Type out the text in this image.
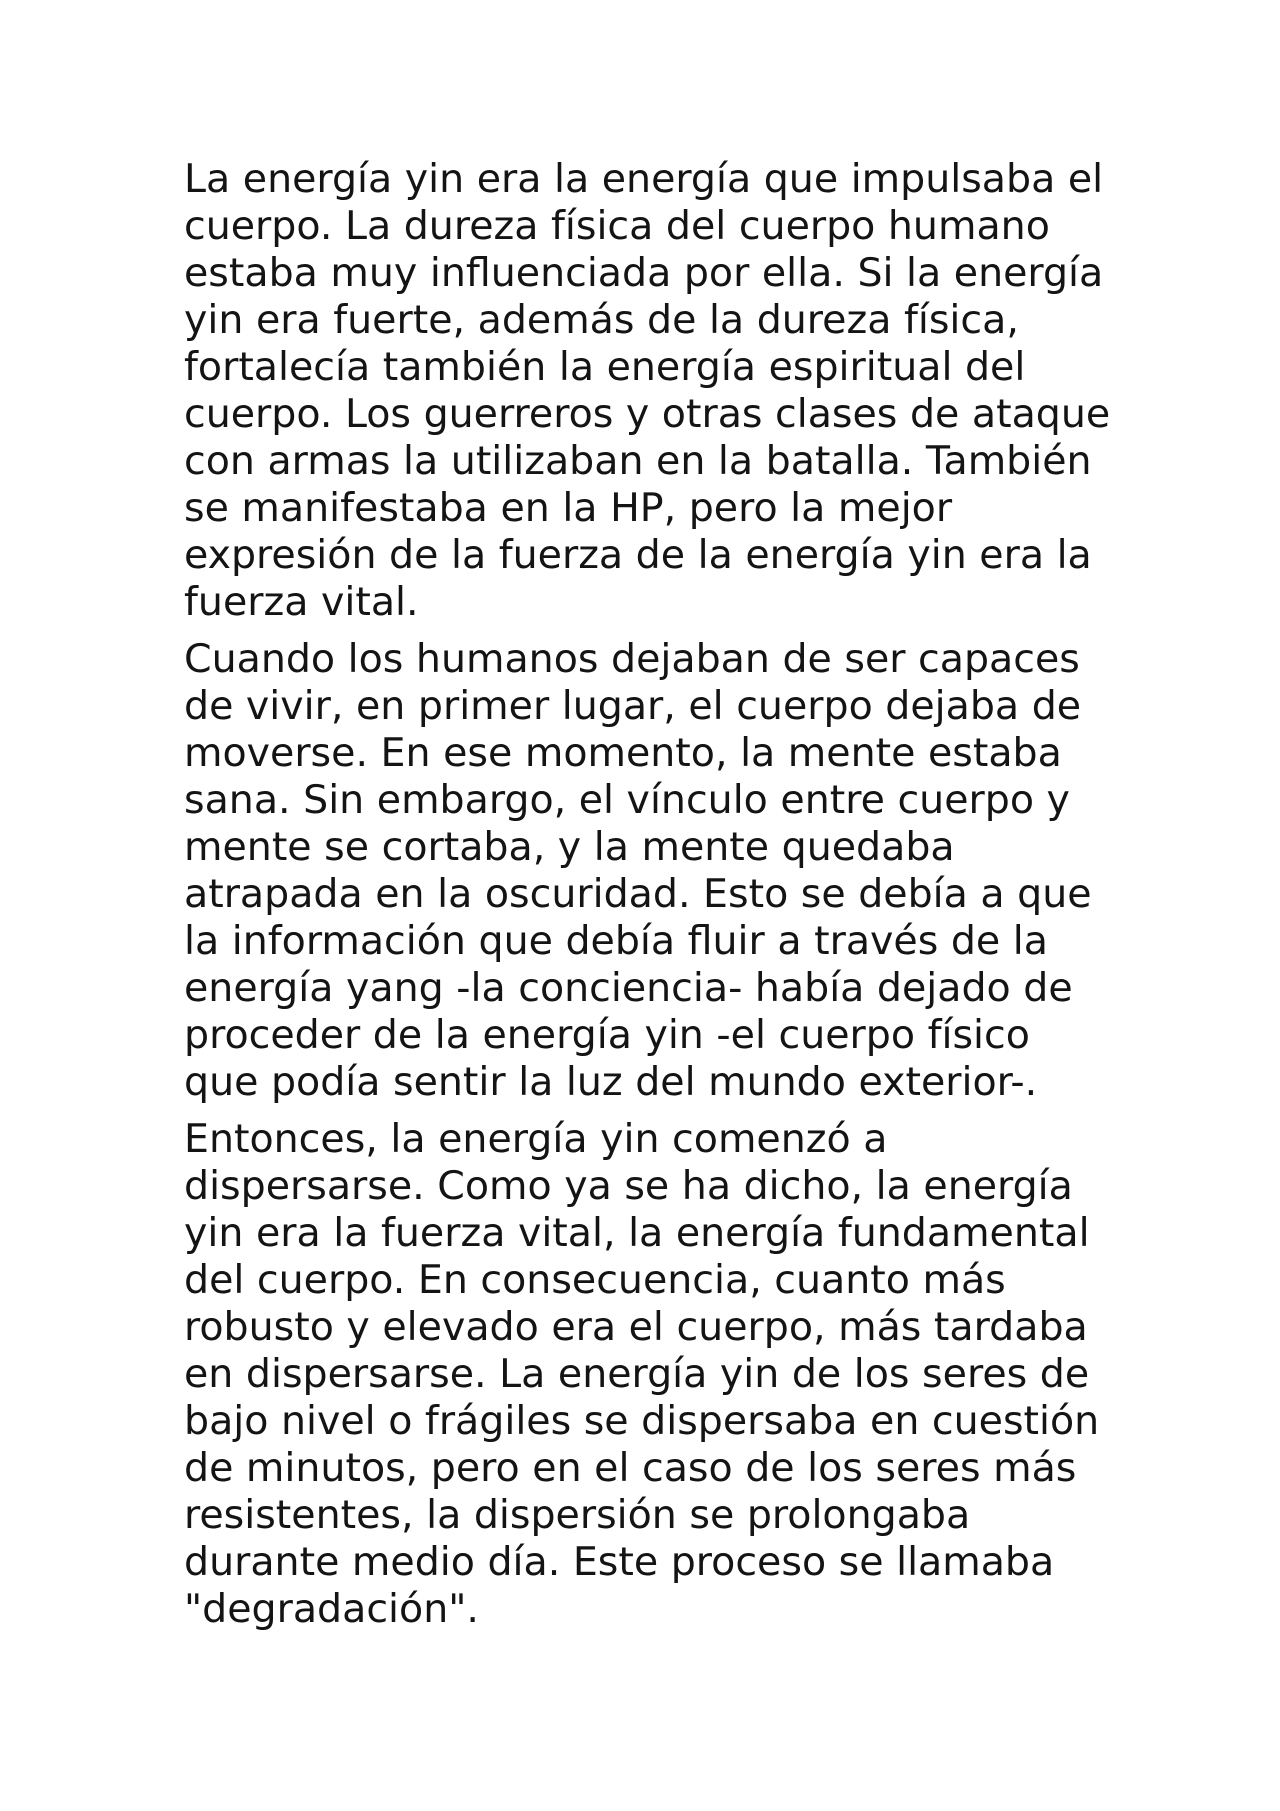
La energía yin era la energía que impulsaba el
cuerpo. La dureza física del cuerpo humano
estaba muy influenciada por ella. Si la energía
yin era fuerte, además de la dureza física,
fortalecía también la energía espiritual del
cuerpo. Los guerreros y otras clases de ataque
con armas la utilizaban en la batalla. También
se manifestaba en la HP, pero la mejor
expresión de la fuerza de la energía yin era la
fuerza vital.

Cuando los humanos dejaban de ser capaces
de vivir, en primer lugar, el cuerpo dejaba de
moverse. En ese momento, la mente estaba
sana. Sin embargo, el vínculo entre cuerpo y
mente se cortaba, y la mente quedaba
atrapada en la oscuridad. Esto se debía a que
la información que debía fluir a través de la
energía yang -la conciencia- había dejado de
proceder de la energía yin -el cuerpo físico
que podía sentir la luz del mundo exterior-.

Entonces, la energía yin comenzó a
dispersarse. Como ya se ha dicho, la energía
yin era la fuerza vital, la energía fundamental
del cuerpo. En consecuencia, cuanto más
robusto y elevado era el cuerpo, más tardaba
en dispersarse. La energía yin de los seres de
bajo nivel o frágiles se dispersaba en cuestión
de minutos, pero en el caso de los seres más
resistentes, la dispersión se prolongaba
durante medio día. Este proceso se llamaba
"degradación".
